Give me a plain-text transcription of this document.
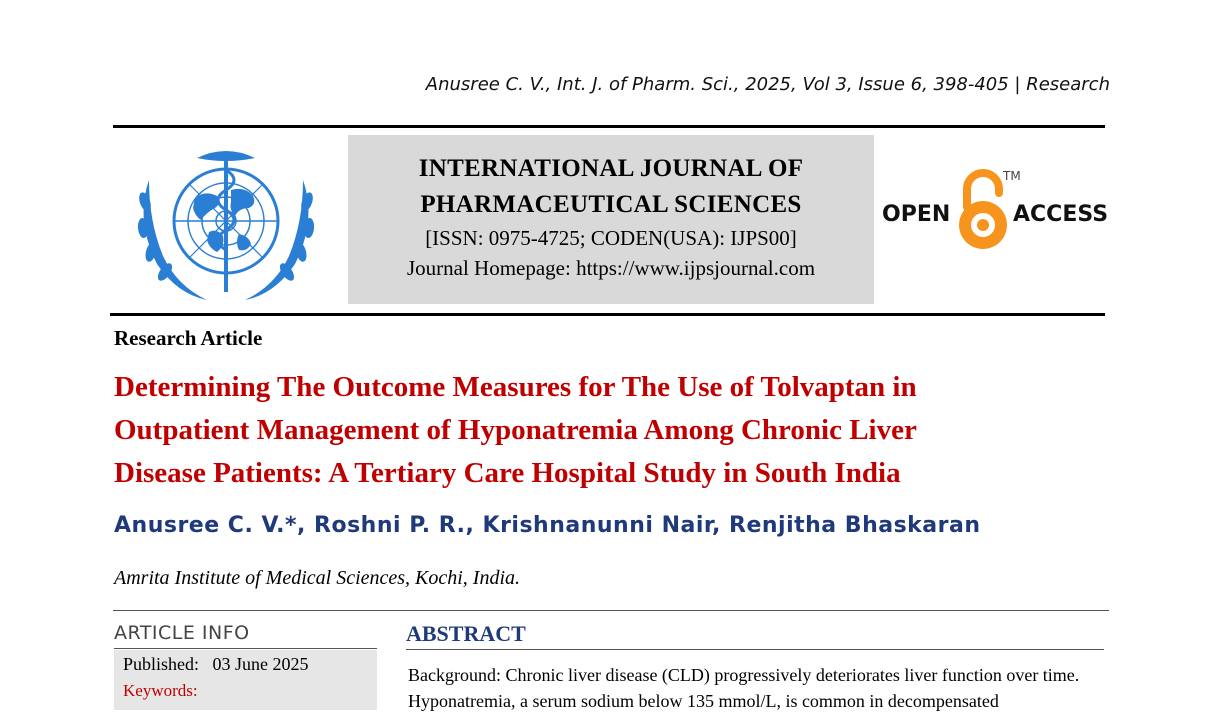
Anusree C. V., Int. J. of Pharm. Sci., 2025, Vol 3, Issue 6, 398-405 | Research
INTERNATIONAL JOURNAL OF
PHARMACEUTICAL SCIENCES
[ISSN: 0975-4725; CODEN(USA): IJPS00]
Journal Homepage: https://www.ijpsjournal.com
OPEN
TM
ACCESS
Research Article
Determining The Outcome Measures for The Use of Tolvaptan in
Outpatient Management of Hyponatremia Among Chronic Liver
Disease Patients: A Tertiary Care Hospital Study in South India
Anusree C. V.*, Roshni P. R., Krishnanunni Nair, Renjitha Bhaskaran
Amrita Institute of Medical Sciences, Kochi, India.
ARTICLE INFO
Published: 03 June 2025
Keywords:
ABSTRACT
Background: Chronic liver disease (CLD) progressively deteriorates liver function over time. Hyponatremia, a serum sodium below 135 mmol/L, is common in decompensated
